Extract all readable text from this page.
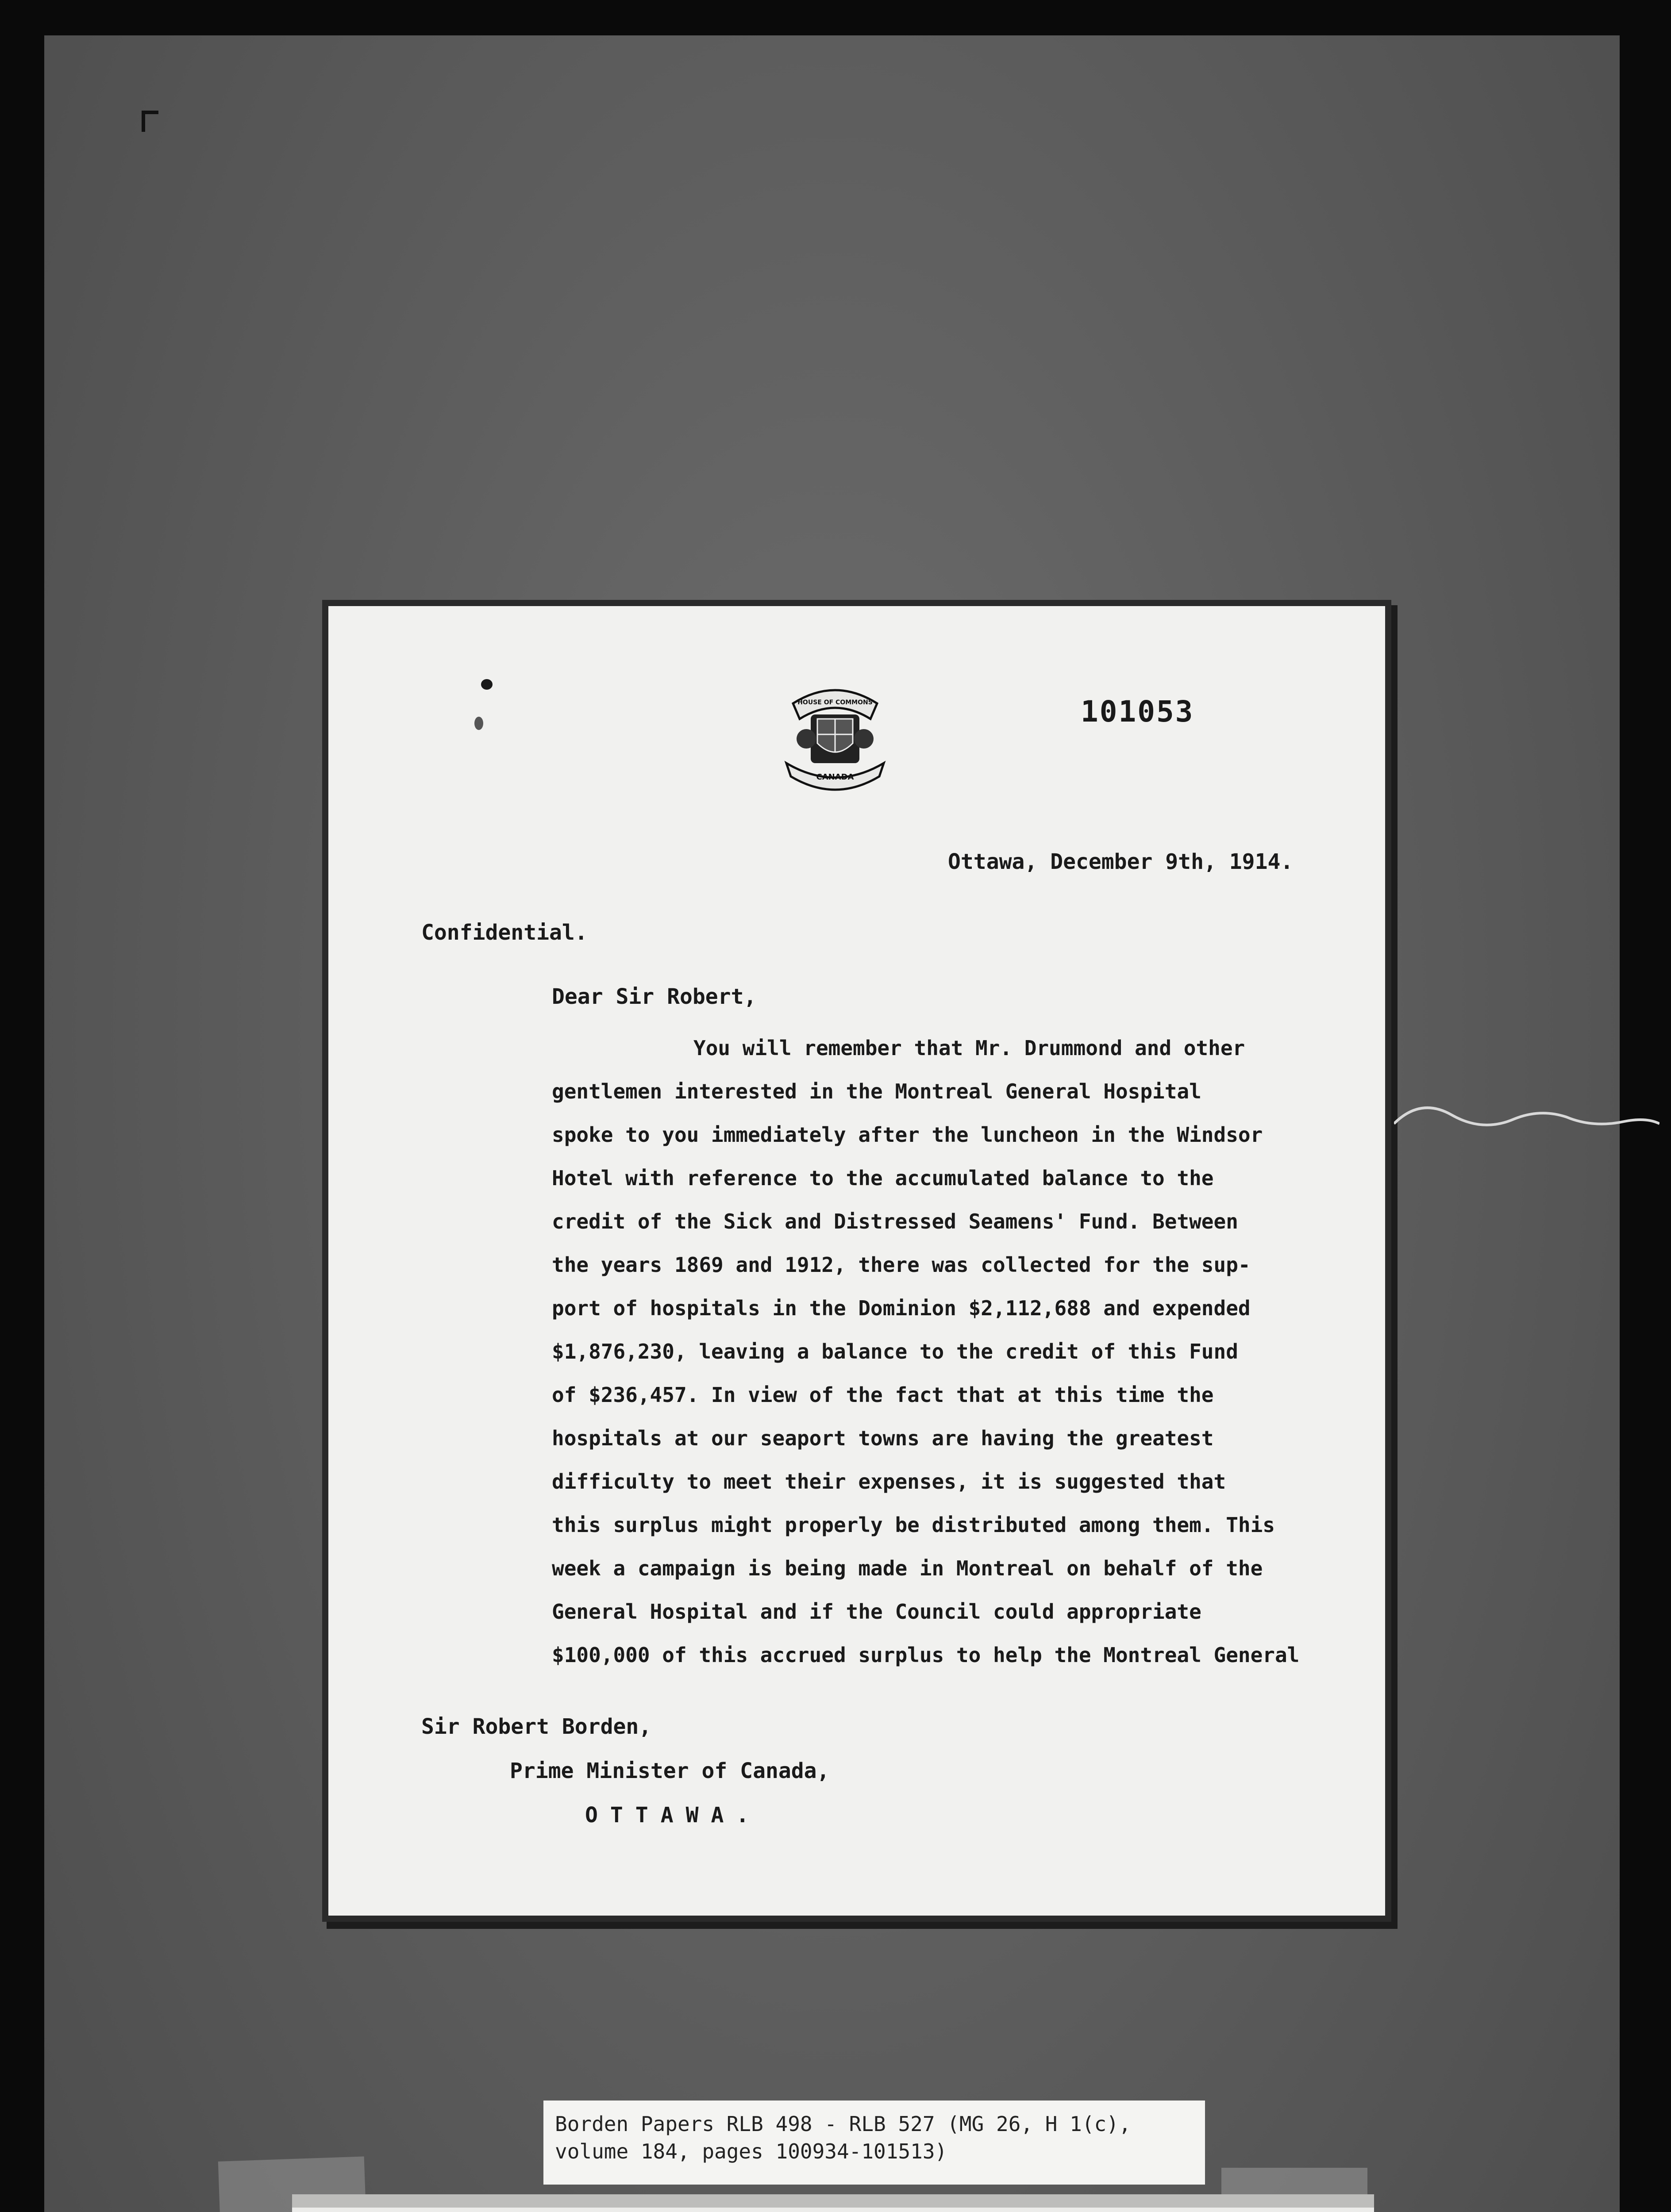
HOUSE OF COMMONS
CANADA
101053
Ottawa, December 9th, 1914.
Confidential.
Dear Sir Robert,
You will remember that Mr. Drummond and other
gentlemen interested in the Montreal General Hospital
spoke to you immediately after the luncheon in the Windsor
Hotel with reference to the accumulated balance to the
credit of the Sick and Distressed Seamens' Fund. Between
the years 1869 and 1912, there was collected for the sup-
port of hospitals in the Dominion $2,112,688 and expended
$1,876,230, leaving a balance to the credit of this Fund
of $236,457. In view of the fact that at this time the
hospitals at our seaport towns are having the greatest
difficulty to meet their expenses, it is suggested that
this surplus might properly be distributed among them. This
week a campaign is being made in Montreal on behalf of the
General Hospital and if the Council could appropriate
$100,000 of this accrued surplus to help the Montreal General
Sir Robert Borden,
Prime Minister of Canada,
OTTAWA.
Borden Papers RLB 498 - RLB 527 (MG 26, H 1(c),
volume 184, pages 100934-101513)
